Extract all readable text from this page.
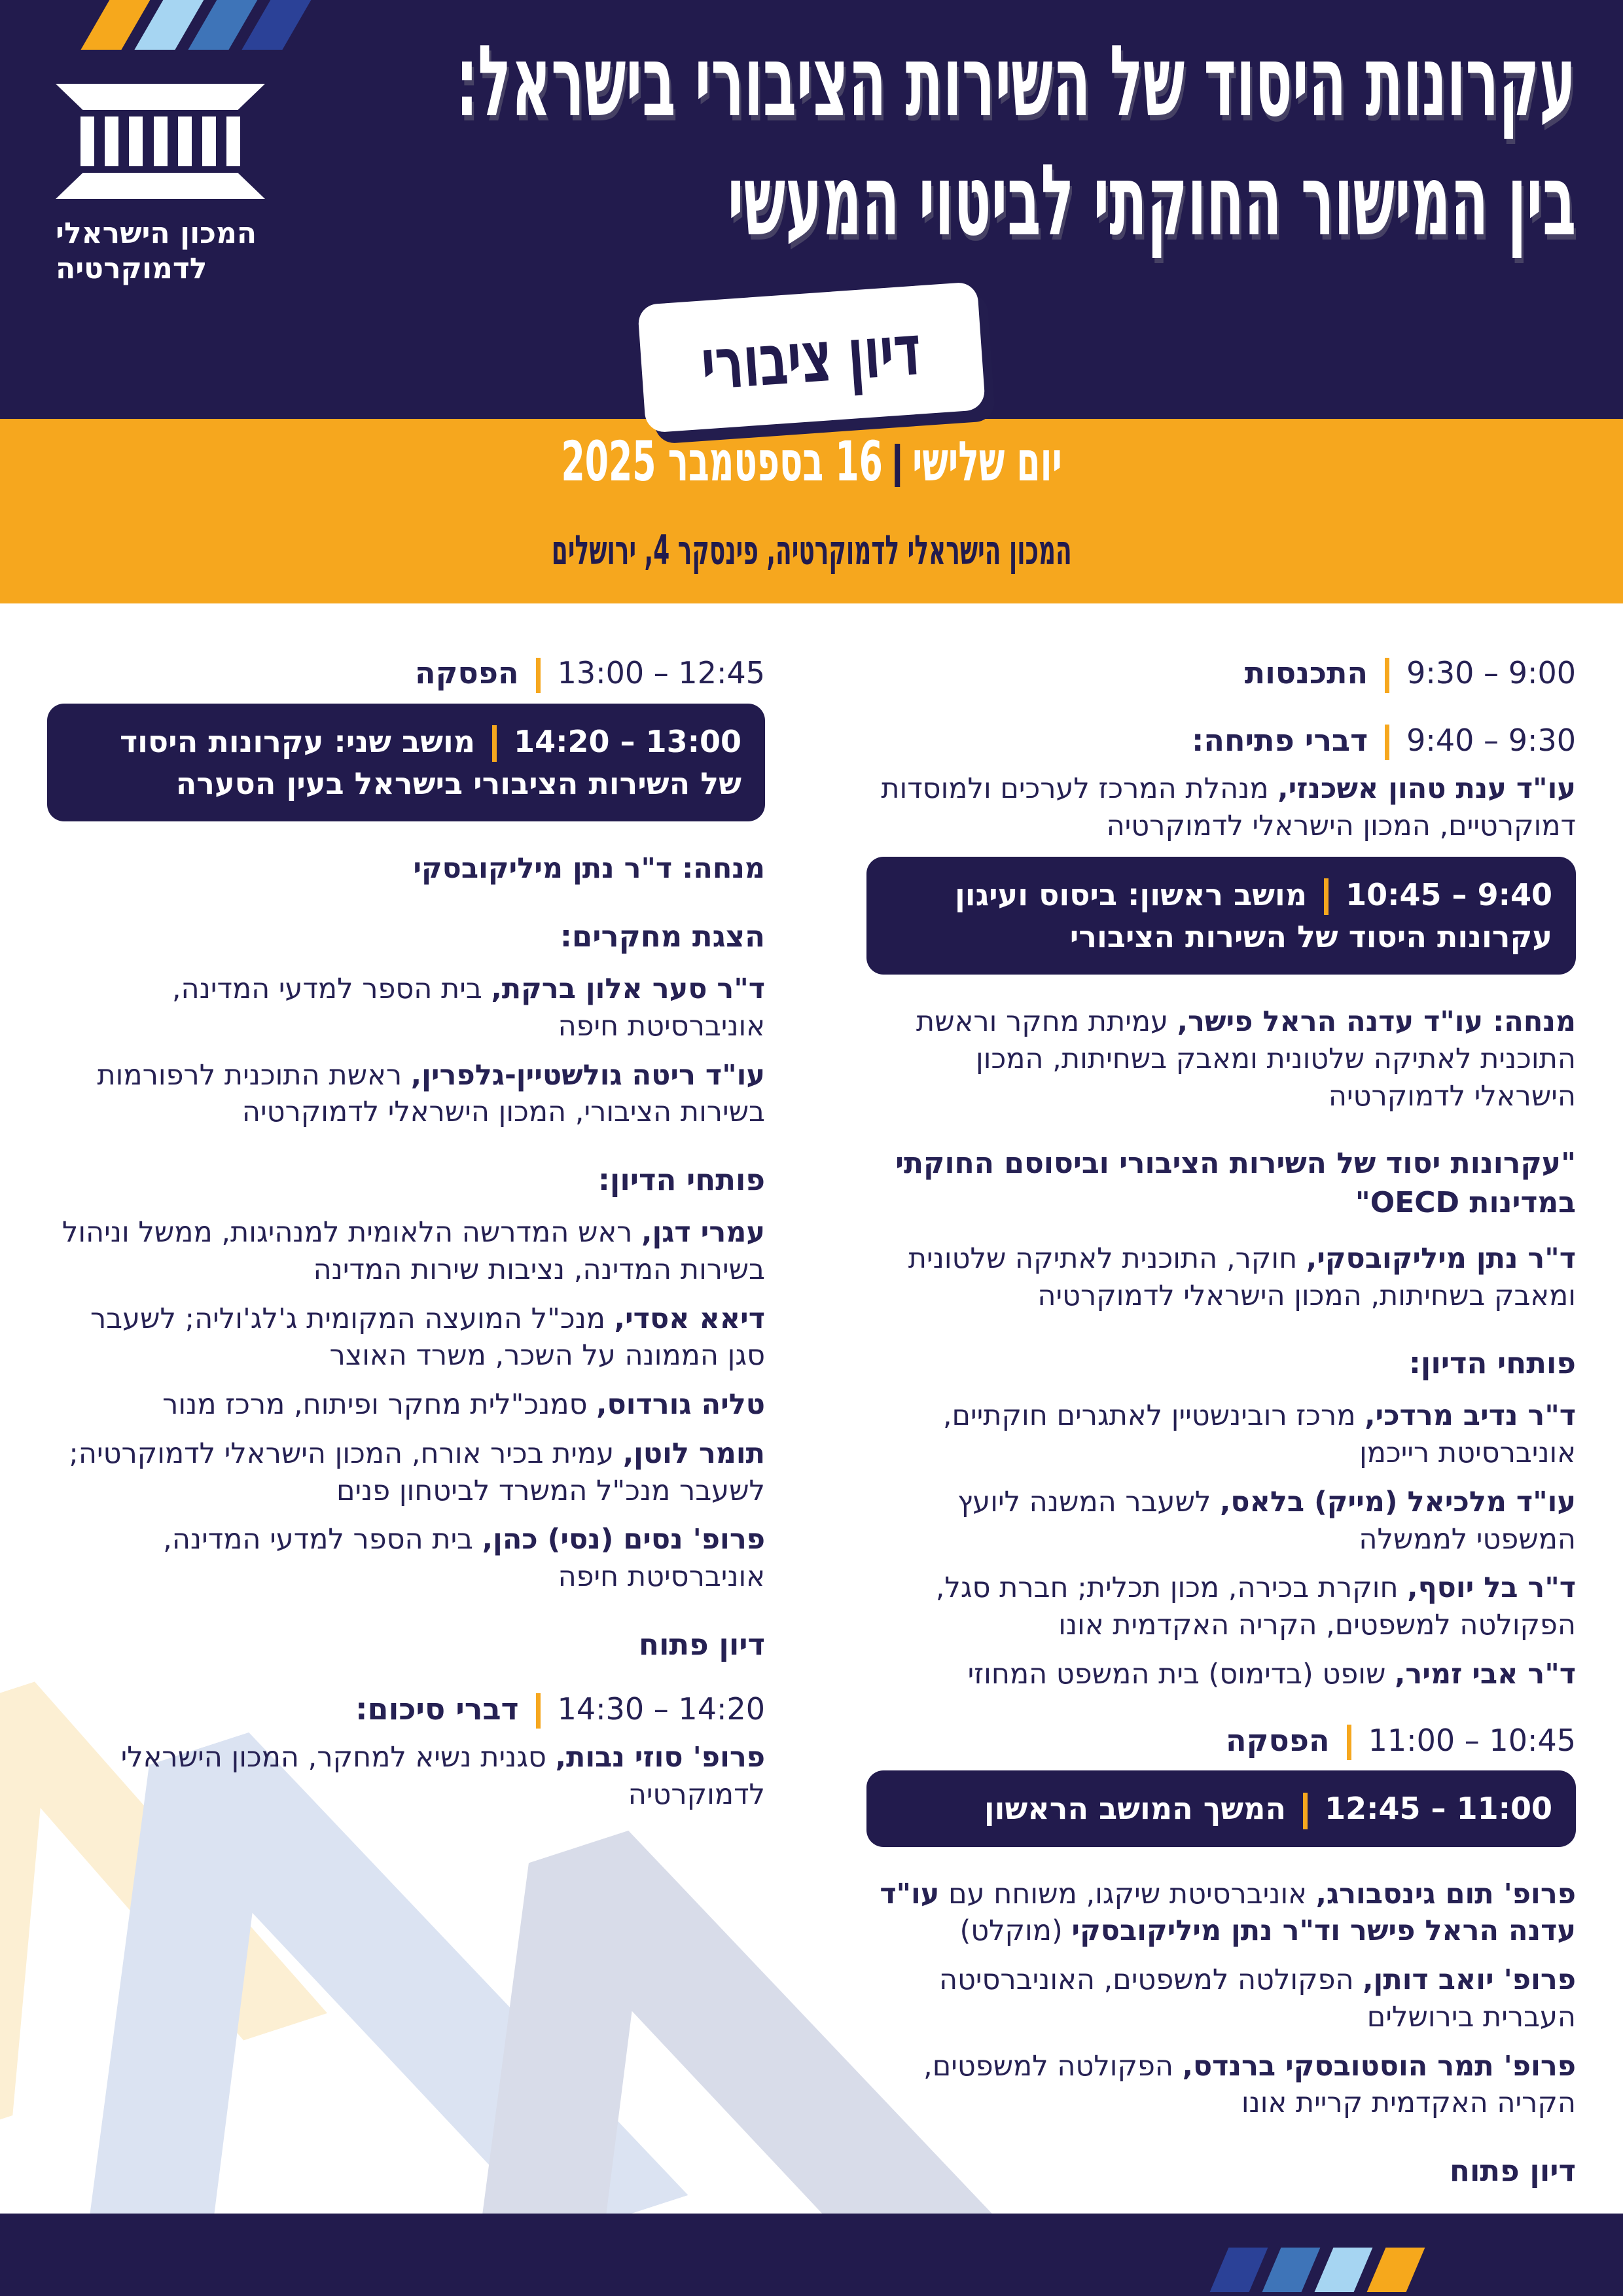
המכון הישראלי
לדמוקרטיה
עקרונות היסוד של השירות הציבורי בישראל:
בין המישור החוקתי לביטוי המעשי
דיון ציבורי
יום שלישי16 בספטמבר 2025
המכון הישראלי לדמוקרטיה, פינסקר 4, ירושלים

9:00 – 9:30התכנסות

9:30 – 9:40דברי פתיחה:

עו"ד ענת טהון אשכנזי, מנהלת המרכז לערכים ולמוסדות דמוקרטיים, המכון הישראלי לדמוקרטיה

9:40 – 10:45מושב ראשון: ביסוס ועיגון עקרונות היסוד של השירות הציבורי

מנחה: עו"ד עדנה הראל פישר, עמיתת מחקר וראשת התוכנית לאתיקה שלטונית ומאבק בשחיתות, המכון הישראלי לדמוקרטיה

"עקרונות יסוד של השירות הציבורי וביסוסם החוקתי במדינות OECD"

ד"ר נתן מיליקובסקי, חוקר, התוכנית לאתיקה שלטונית ומאבק בשחיתות, המכון הישראלי לדמוקרטיה

פותחי הדיון:

ד"ר נדיב מרדכי, מרכז רובינשטיין לאתגרים חוקתיים, אוניברסיטת רייכמן

עו"ד מלכיאל (מייק) בלאס, לשעבר המשנה ליועץ המשפטי לממשלה

ד"ר בל יוסף, חוקרת בכירה, מכון תכלית; חברת סגל, הפקולטה למשפטים, הקריה האקדמית אונו

ד"ר אבי זמיר, שופט (בדימוס) בית המשפט המחוזי

10:45 – 11:00הפסקה

11:00 – 12:45המשך המושב הראשון

פרופ' תום גינסבורג, אוניברסיטת שיקגו, משוחח עם עו"ד עדנה הראל פישר וד"ר נתן מיליקובסקי (מוקלט)

פרופ' יואב דותן, הפקולטה למשפטים, האוניברסיטה העברית בירושלים

פרופ' תמר הוסטובסקי ברנדס, הפקולטה למשפטים, הקריה האקדמית קריית אונו

דיון פתוח

12:45 – 13:00הפסקה

13:00 – 14:20מושב שני: עקרונות היסוד של השירות הציבורי בישראל בעין הסערה

מנחה: ד"ר נתן מיליקובסקי

הצגת מחקרים:

ד"ר סער אלון ברקת, בית הספר למדעי המדינה, אוניברסיטת חיפה

עו"ד ריטה גולשטיין-גלפרין, ראשת התוכנית לרפורמות בשירות הציבורי, המכון הישראלי לדמוקרטיה

פותחי הדיון:

עמרי דגן, ראש המדרשה הלאומית למנהיגות, ממשל וניהול בשירות המדינה, נציבות שירות המדינה

דיאא אסדי, מנכ"ל המועצה המקומית ג'לג'וליה; לשעבר סגן הממונה על השכר, משרד האוצר

טליה גורדוס, סמנכ"לית מחקר ופיתוח, מרכז מנור

תומר לוטן, עמית בכיר אורח, המכון הישראלי לדמוקרטיה; לשעבר מנכ"ל המשרד לביטחון פנים

פרופ' נסים (נסי) כהן, בית הספר למדעי המדינה, אוניברסיטת חיפה

דיון פתוח

14:20 – 14:30דברי סיכום:

פרופ' סוזי נבות, סגנית נשיא למחקר, המכון הישראלי לדמוקרטיה
